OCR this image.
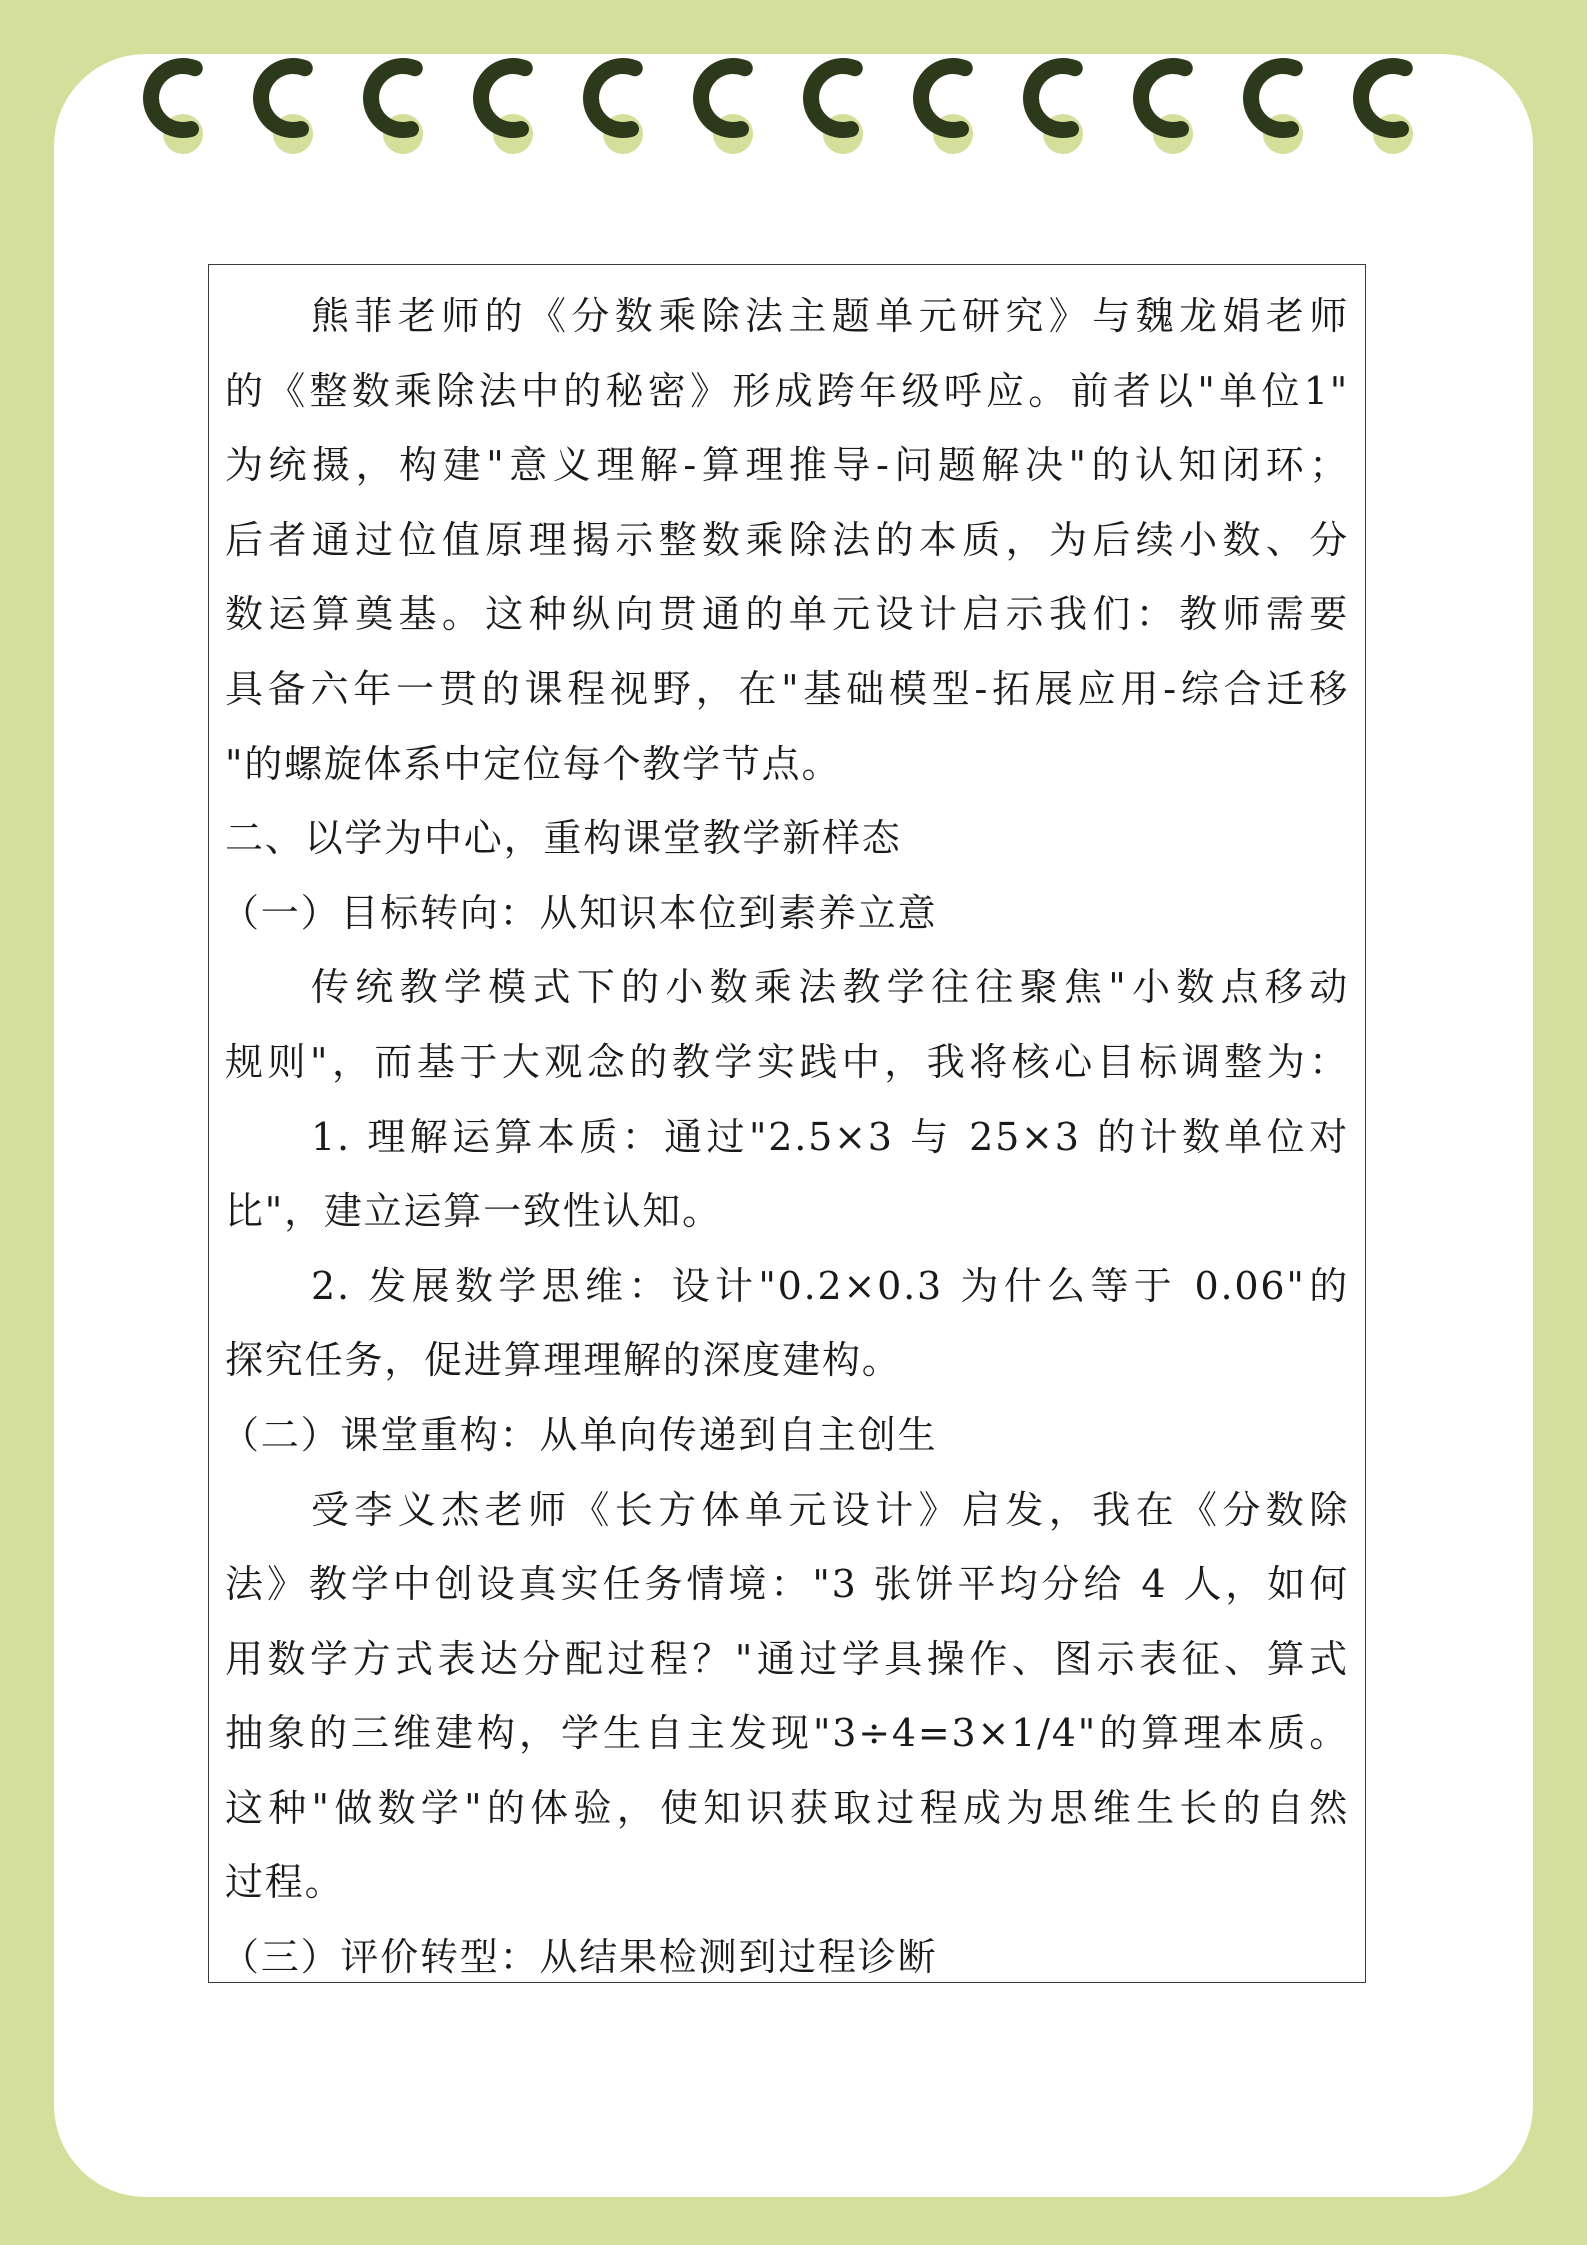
熊菲老师的《分数乘除法主题单元研究》与魏龙娟老师
的《整数乘除法中的秘密》形成跨年级呼应。前者以"单位1"
为统摄，构建"意义理解-算理推导-问题解决"的认知闭环；
后者通过位值原理揭示整数乘除法的本质，为后续小数、分
数运算奠基。这种纵向贯通的单元设计启示我们：教师需要
具备六年一贯的课程视野，在"基础模型-拓展应用-综合迁移
"的螺旋体系中定位每个教学节点。
二、以学为中心，重构课堂教学新样态
（一）目标转向：从知识本位到素养立意
传统教学模式下的小数乘法教学往往聚焦"小数点移动
规则"，而基于大观念的教学实践中，我将核心目标调整为：
1. 理解运算本质：通过"2.5×3 与 25×3 的计数单位对
比"，建立运算一致性认知。
2. 发展数学思维：设计"0.2×0.3 为什么等于 0.06"的
探究任务，促进算理理解的深度建构。
（二）课堂重构：从单向传递到自主创生
受李义杰老师《长方体单元设计》启发，我在《分数除
法》教学中创设真实任务情境："3 张饼平均分给 4 人，如何
用数学方式表达分配过程？"通过学具操作、图示表征、算式
抽象的三维建构，学生自主发现"3÷4=3×1/4"的算理本质。
这种"做数学"的体验，使知识获取过程成为思维生长的自然
过程。
（三）评价转型：从结果检测到过程诊断
